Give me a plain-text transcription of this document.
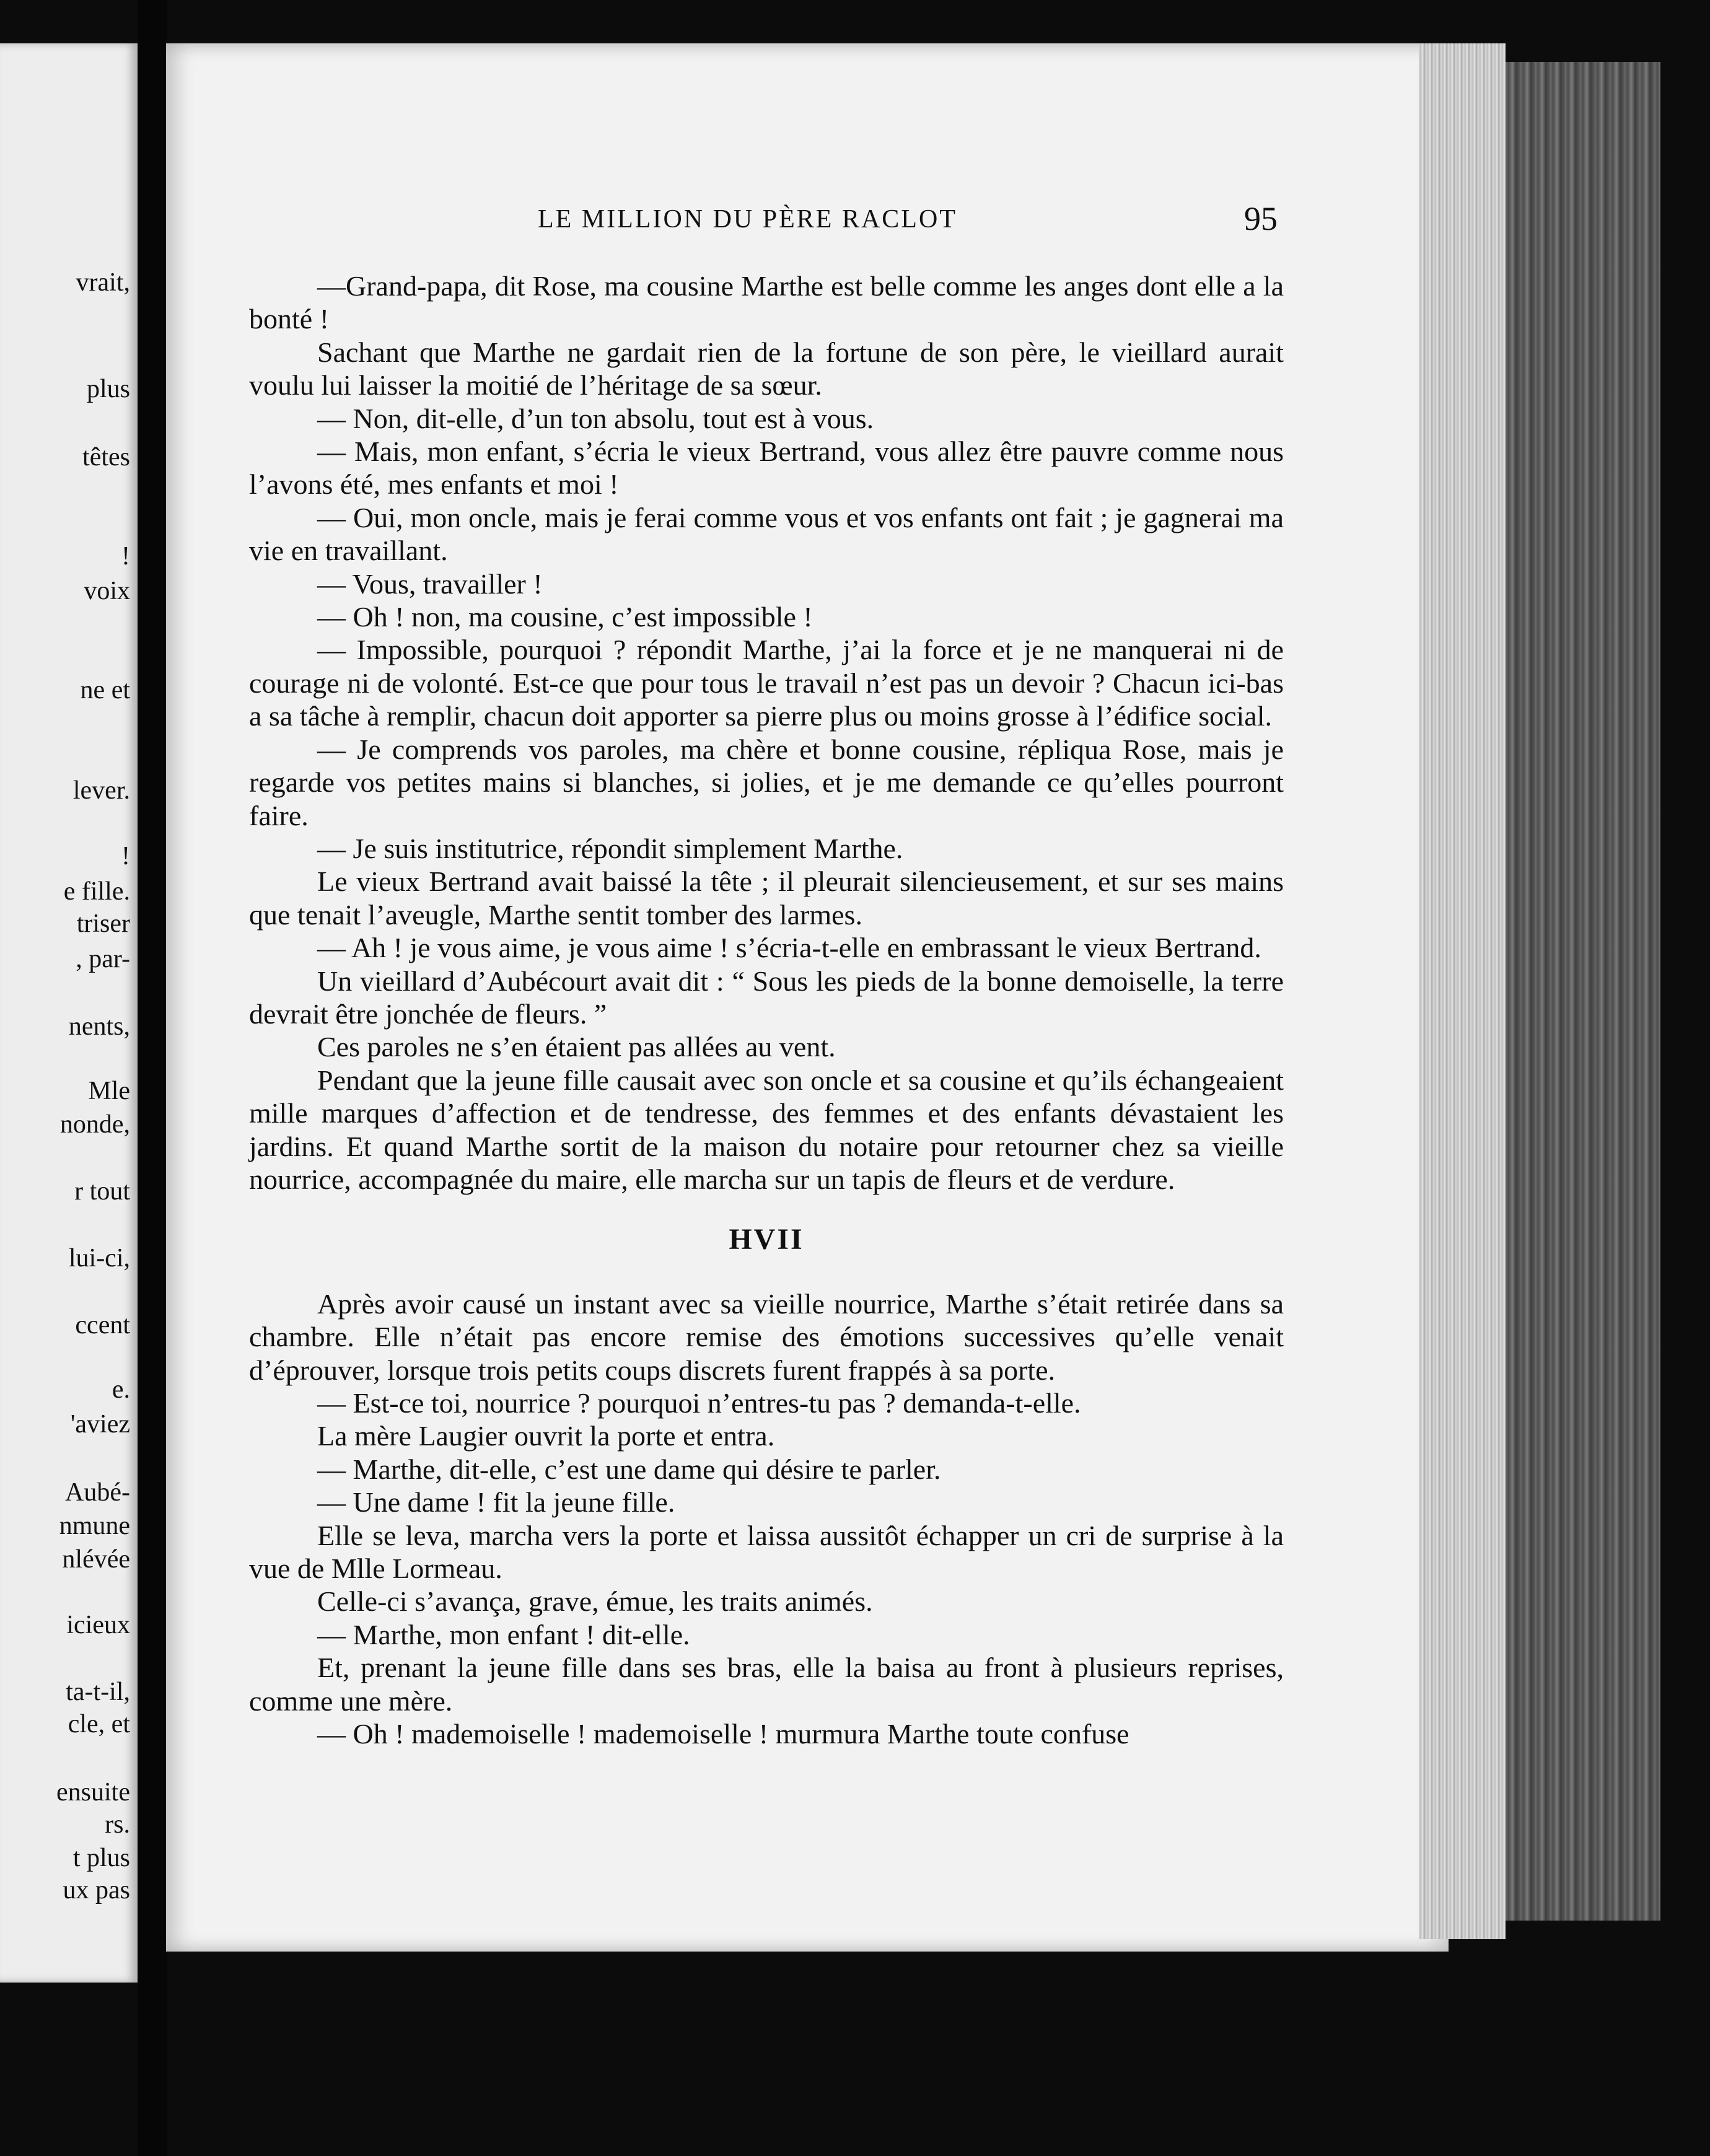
vrait,
plus
têtes
!
voix
ne et
lever.
!
e fille.
triser
, par-
nents,
Mle
nonde,
r tout
lui-ci,
ccent
e.
'aviez
Aubé-
nmune
nlévée
icieux
ta-t-il,
cle, et
ensuite
rs.
t plus
ux pas
LE MILLION DU PÈRE RACLOT	95

—Grand-papa, dit Rose, ma cousine Marthe est belle comme les anges dont elle a la bonté !

Sachant que Marthe ne gardait rien de la fortune de son père, le vieillard aurait voulu lui laisser la moitié de l’héritage de sa sœur.

— Non, dit-elle, d’un ton absolu, tout est à vous.

— Mais, mon enfant, s’écria le vieux Bertrand, vous allez être pauvre comme nous l’avons été, mes enfants et moi !

— Oui, mon oncle, mais je ferai comme vous et vos enfants ont fait ; je gagnerai ma vie en travaillant.

— Vous, travailler !

— Oh ! non, ma cousine, c’est impossible !

— Impossible, pourquoi ? répondit Marthe, j’ai la force et je ne manquerai ni de courage ni de volonté. Est-ce que pour tous le travail n’est pas un devoir ? Chacun ici-bas a sa tâche à remplir, chacun doit apporter sa pierre plus ou moins grosse à l’édifice social.

— Je comprends vos paroles, ma chère et bonne cousine, répliqua Rose, mais je regarde vos petites mains si blanches, si jolies, et je me demande ce qu’elles pourront faire.

— Je suis institutrice, répondit simplement Marthe.

Le vieux Bertrand avait baissé la tête ; il pleurait silencieusement, et sur ses mains que tenait l’aveugle, Marthe sentit tomber des larmes.

— Ah ! je vous aime, je vous aime ! s’écria-t-elle en embrassant le vieux Bertrand.

Un vieillard d’Aubécourt avait dit : “ Sous les pieds de la bonne demoiselle, la terre devrait être jonchée de fleurs. ”

Ces paroles ne s’en étaient pas allées au vent.

Pendant que la jeune fille causait avec son oncle et sa cousine et qu’ils échangeaient mille marques d’affection et de tendresse, des femmes et des enfants dévastaient les jardins. Et quand Marthe sortit de la maison du notaire pour retourner chez sa vieille nourrice, accompagnée du maire, elle marcha sur un tapis de fleurs et de verdure.

HVII

Après avoir causé un instant avec sa vieille nourrice, Marthe s’était retirée dans sa chambre. Elle n’était pas encore remise des émotions successives qu’elle venait d’éprouver, lorsque trois petits coups discrets furent frappés à sa porte.

— Est-ce toi, nourrice ? pourquoi n’entres-tu pas ? demanda-t-elle.

La mère Laugier ouvrit la porte et entra.

— Marthe, dit-elle, c’est une dame qui désire te parler.

— Une dame ! fit la jeune fille.

Elle se leva, marcha vers la porte et laissa aussitôt échapper un cri de surprise à la vue de Mlle Lormeau.

Celle-ci s’avança, grave, émue, les traits animés.

— Marthe, mon enfant ! dit-elle.

Et, prenant la jeune fille dans ses bras, elle la baisa au front à plusieurs reprises, comme une mère.

— Oh ! mademoiselle ! mademoiselle ! murmura Marthe toute confuse
